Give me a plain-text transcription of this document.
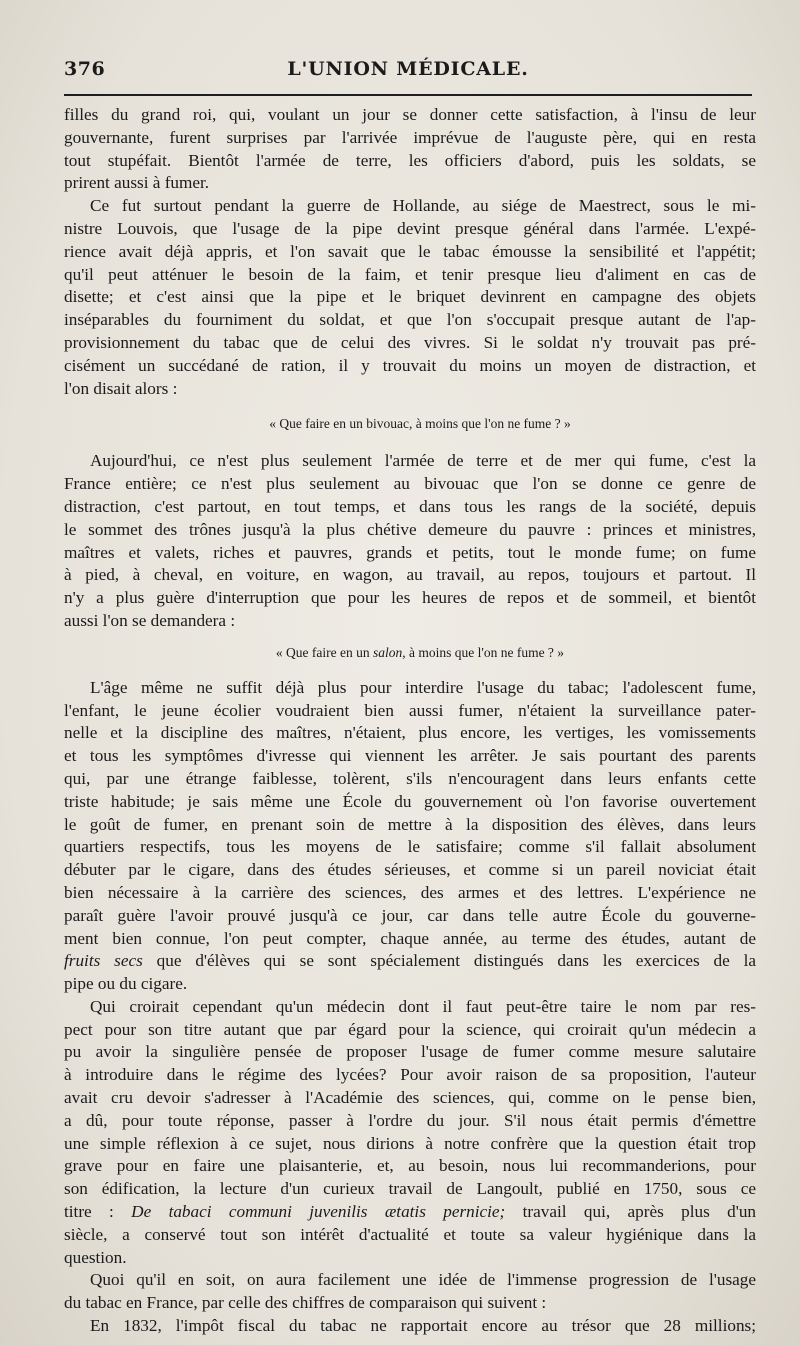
376	L'UNION MÉDICALE.

filles du grand roi, qui, voulant un jour se donner cette satisfaction, à l'insu de leur
gouvernante, furent surprises par l'arrivée imprévue de l'auguste père, qui en resta
tout stupéfait. Bientôt l'armée de terre, les officiers d'abord, puis les soldats, se
prirent aussi à fumer.

Ce fut surtout pendant la guerre de Hollande, au siége de Maestrect, sous le mi-
nistre Louvois, que l'usage de la pipe devint presque général dans l'armée. L'expé-
rience avait déjà appris, et l'on savait que le tabac émousse la sensibilité et l'appétit;
qu'il peut atténuer le besoin de la faim, et tenir presque lieu d'aliment en cas de
disette; et c'est ainsi que la pipe et le briquet devinrent en campagne des objets
inséparables du fourniment du soldat, et que l'on s'occupait presque autant de l'ap-
provisionnement du tabac que de celui des vivres. Si le soldat n'y trouvait pas pré-
cisément un succédané de ration, il y trouvait du moins un moyen de distraction, et
l'on disait alors :

« Que faire en un bivouac, à moins que l'on ne fume ? »

Aujourd'hui, ce n'est plus seulement l'armée de terre et de mer qui fume, c'est la
France entière; ce n'est plus seulement au bivouac que l'on se donne ce genre de
distraction, c'est partout, en tout temps, et dans tous les rangs de la société, depuis
le sommet des trônes jusqu'à la plus chétive demeure du pauvre : princes et ministres,
maîtres et valets, riches et pauvres, grands et petits, tout le monde fume; on fume
à pied, à cheval, en voiture, en wagon, au travail, au repos, toujours et partout. Il
n'y a plus guère d'interruption que pour les heures de repos et de sommeil, et bientôt
aussi l'on se demandera :

« Que faire en un salon, à moins que l'on ne fume ? »

L'âge même ne suffit déjà plus pour interdire l'usage du tabac; l'adolescent fume,
l'enfant, le jeune écolier voudraient bien aussi fumer, n'étaient la surveillance pater-
nelle et la discipline des maîtres, n'étaient, plus encore, les vertiges, les vomissements
et tous les symptômes d'ivresse qui viennent les arrêter. Je sais pourtant des parents
qui, par une étrange faiblesse, tolèrent, s'ils n'encouragent dans leurs enfants cette
triste habitude; je sais même une École du gouvernement où l'on favorise ouvertement
le goût de fumer, en prenant soin de mettre à la disposition des élèves, dans leurs
quartiers respectifs, tous les moyens de le satisfaire; comme s'il fallait absolument
débuter par le cigare, dans des études sérieuses, et comme si un pareil noviciat était
bien nécessaire à la carrière des sciences, des armes et des lettres. L'expérience ne
paraît guère l'avoir prouvé jusqu'à ce jour, car dans telle autre École du gouverne-
ment bien connue, l'on peut compter, chaque année, au terme des études, autant de
fruits secs que d'élèves qui se sont spécialement distingués dans les exercices de la
pipe ou du cigare.

Qui croirait cependant qu'un médecin dont il faut peut-être taire le nom par res-
pect pour son titre autant que par égard pour la science, qui croirait qu'un médecin a
pu avoir la singulière pensée de proposer l'usage de fumer comme mesure salutaire
à introduire dans le régime des lycées? Pour avoir raison de sa proposition, l'auteur
avait cru devoir s'adresser à l'Académie des sciences, qui, comme on le pense bien,
a dû, pour toute réponse, passer à l'ordre du jour. S'il nous était permis d'émettre
une simple réflexion à ce sujet, nous dirions à notre confrère que la question était trop
grave pour en faire une plaisanterie, et, au besoin, nous lui recommanderions, pour
son édification, la lecture d'un curieux travail de Langoult, publié en 1750, sous ce
titre : De tabaci communi juvenilis ætatis pernicie; travail qui, après plus d'un
siècle, a conservé tout son intérêt d'actualité et toute sa valeur hygiénique dans la
question.

Quoi qu'il en soit, on aura facilement une idée de l'immense progression de l'usage
du tabac en France, par celle des chiffres de comparaison qui suivent :

En 1832, l'impôt fiscal du tabac ne rapportait encore au trésor que 28 millions;
